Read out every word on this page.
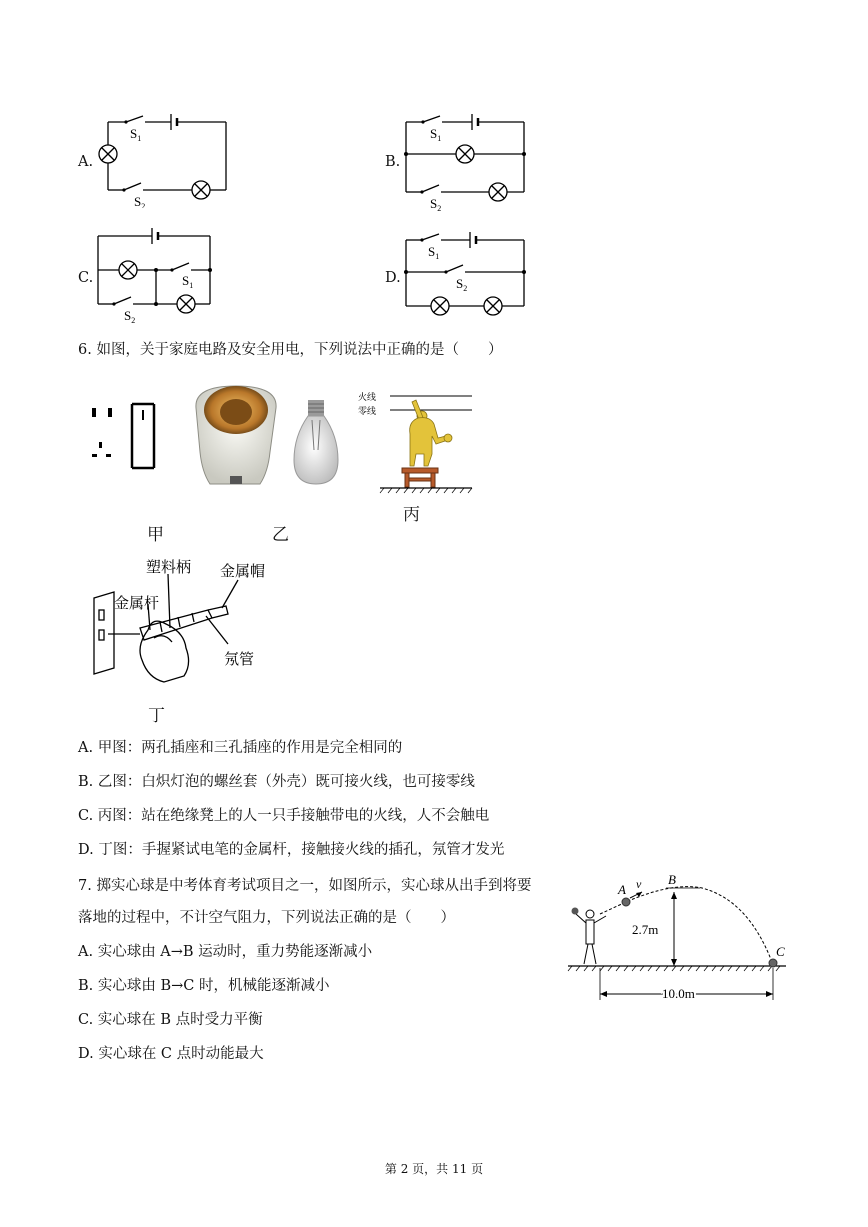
$S_1$
$S_2$
A.
$S_1$
$S_2$
B.
$S_1$
$S_2$
C.
$S_1$
$S_2$
D.
6. 如图，关于家庭电路及安全用电，下列说法中正确的是（　　）
甲	乙
火线
零线
丙
塑料柄 金属帽
金属杆
氖管
丁
A. 甲图：两孔插座和三孔插座的作用是完全相同的
B. 乙图：白炽灯泡的螺丝套（外壳）既可接火线，也可接零线
C. 丙图：站在绝缘凳上的人一只手接触带电的火线，人不会触电
D. 丁图：手握紧试电笔的金属杆，接触接火线的插孔，氖管才发光
7. 掷实心球是中考体育考试项目之一，如图所示，实心球从出手到将要
落地的过程中，不计空气阻力，下列说法正确的是（　　）
A. 实心球由 A→B 运动时，重力势能逐渐减小
B. 实心球由 B→C 时，机械能逐渐减小
C. 实心球在 B 点时受力平衡
D. 实心球在 C 点时动能最大
A v B
C
2.7m
10.0m
第 2 页，共 11 页
